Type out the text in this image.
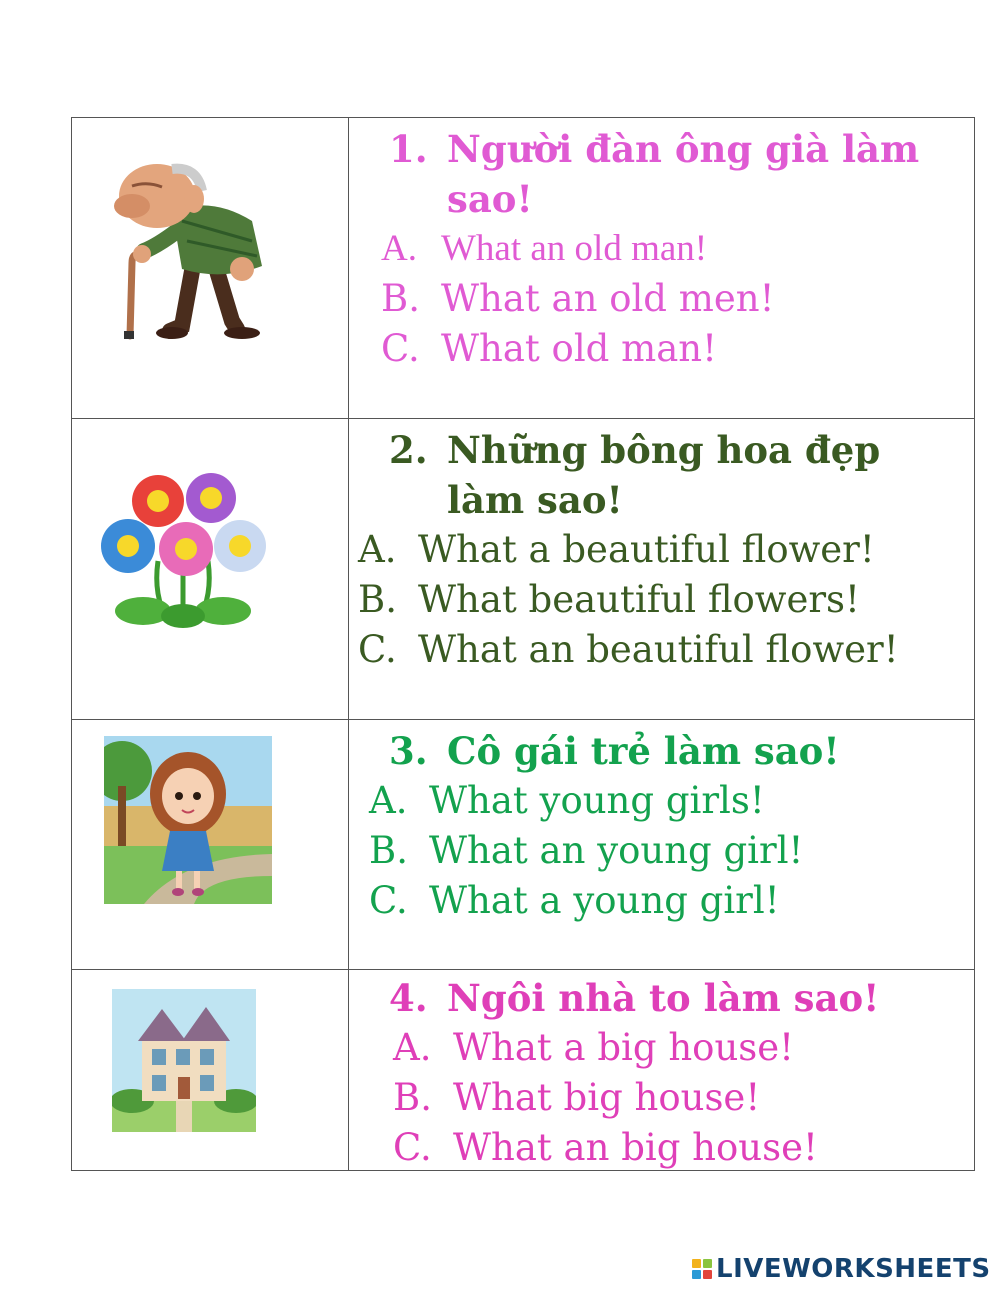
1. Người đàn ông già làm
sao!
A. What an old man!
B. What an old men!
C. What old man!

2. Những bông hoa đẹp
làm sao!
A. What a beautiful flower!
B. What beautiful flowers!
C. What an beautiful flower!

3. Cô gái trẻ làm sao!
A. What young girls!
B. What an young girl!
C. What a young girl!

4. Ngôi nhà to làm sao!
A. What a big house!
B. What big house!
C. What an big house!
LIVEWORKSHEETS
